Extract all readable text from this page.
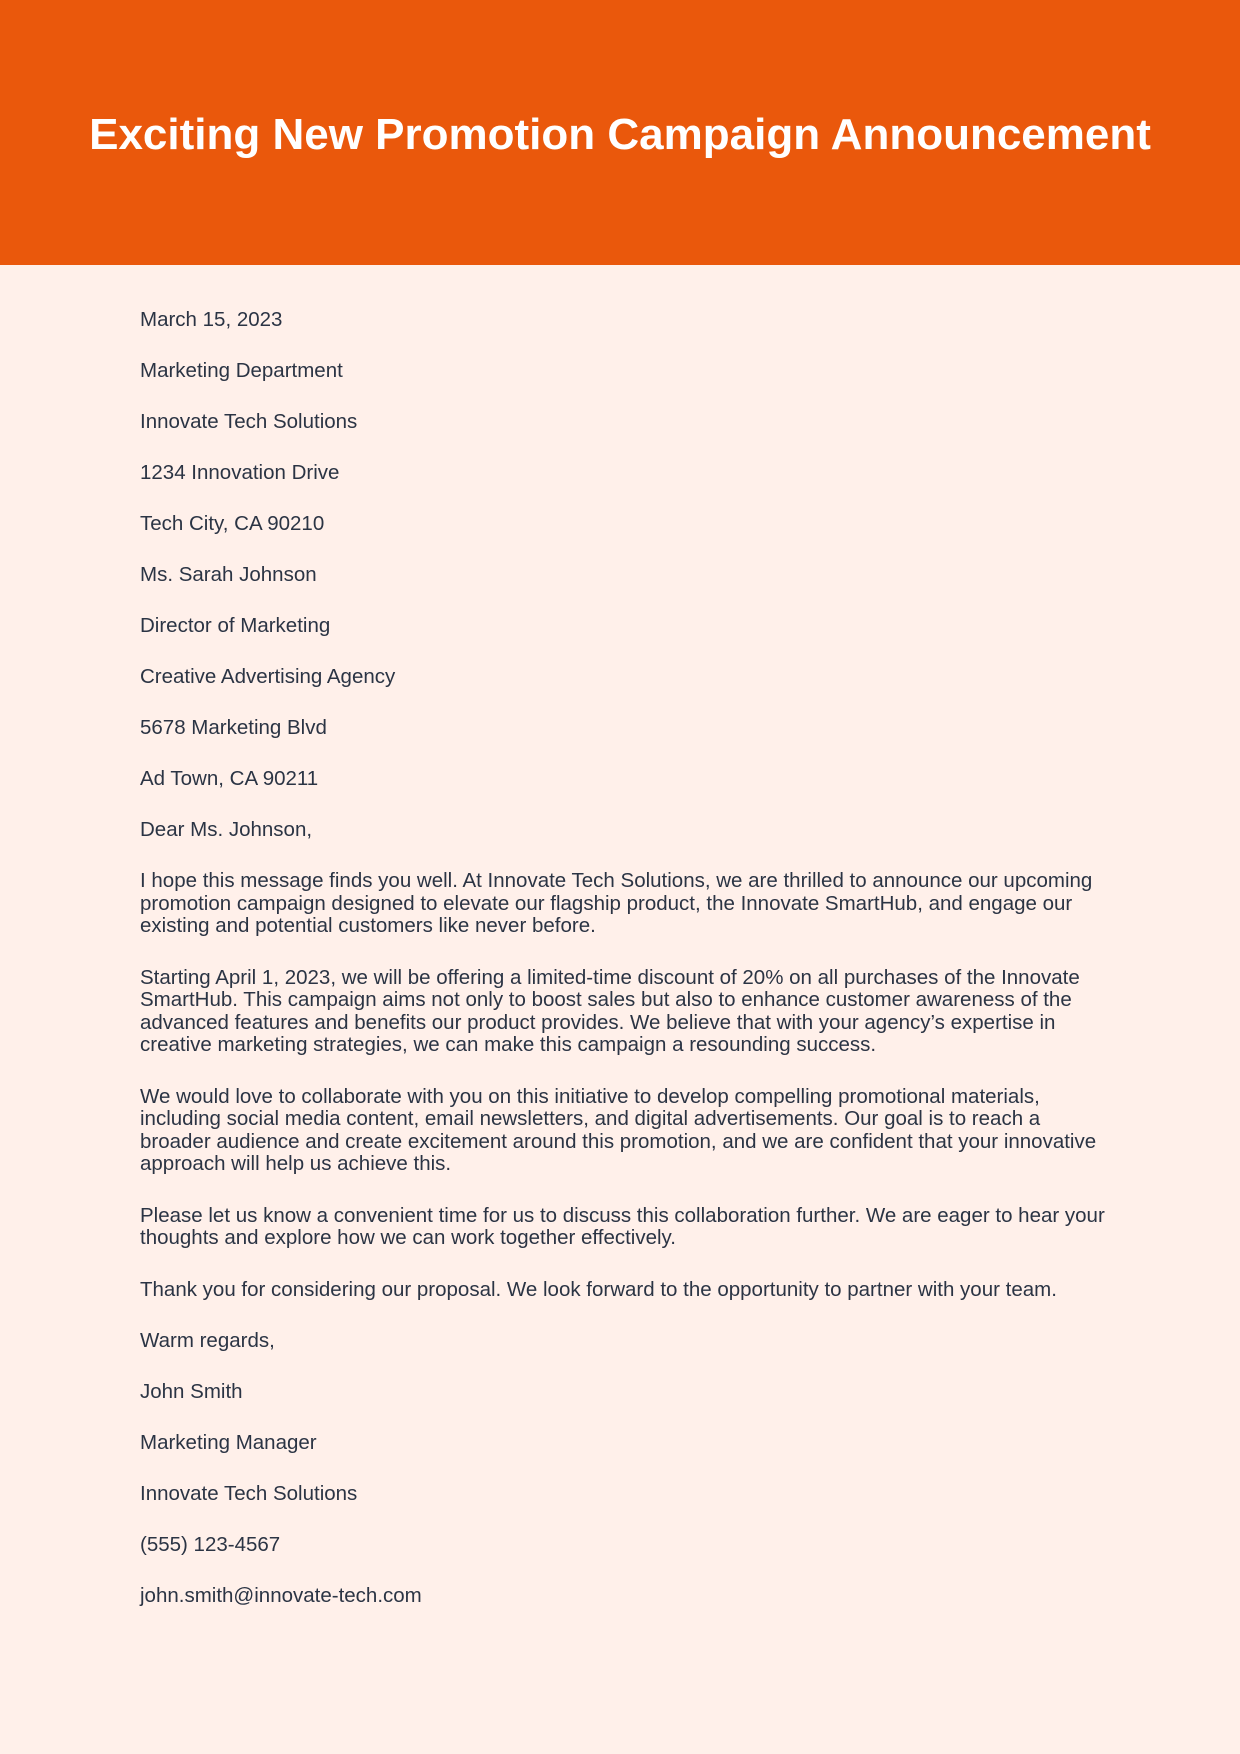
Exciting New Promotion Campaign Announcement
March 15, 2023
Marketing Department
Innovate Tech Solutions
1234 Innovation Drive
Tech City, CA 90210
Ms. Sarah Johnson
Director of Marketing
Creative Advertising Agency
5678 Marketing Blvd
Ad Town, CA 90211
Dear Ms. Johnson,

I hope this message finds you well. At Innovate Tech Solutions, we are thrilled to announce our upcoming promotion campaign designed to elevate our flagship product, the Innovate SmartHub, and engage our existing and potential customers like never before.

Starting April 1, 2023, we will be offering a limited-time discount of 20% on all purchases of the Innovate SmartHub. This campaign aims not only to boost sales but also to enhance customer awareness of the advanced features and benefits our product provides. We believe that with your agency’s expertise in creative marketing strategies, we can make this campaign a resounding success.

We would love to collaborate with you on this initiative to develop compelling promotional materials, including social media content, email newsletters, and digital advertisements. Our goal is to reach a broader audience and create excitement around this promotion, and we are confident that your innovative approach will help us achieve this.

Please let us know a convenient time for us to discuss this collaboration further. We are eager to hear your thoughts and explore how we can work together effectively.

Thank you for considering our proposal. We look forward to the opportunity to partner with your team.

Warm regards,
John Smith
Marketing Manager
Innovate Tech Solutions
(555) 123-4567
john.smith@innovate-tech.com
